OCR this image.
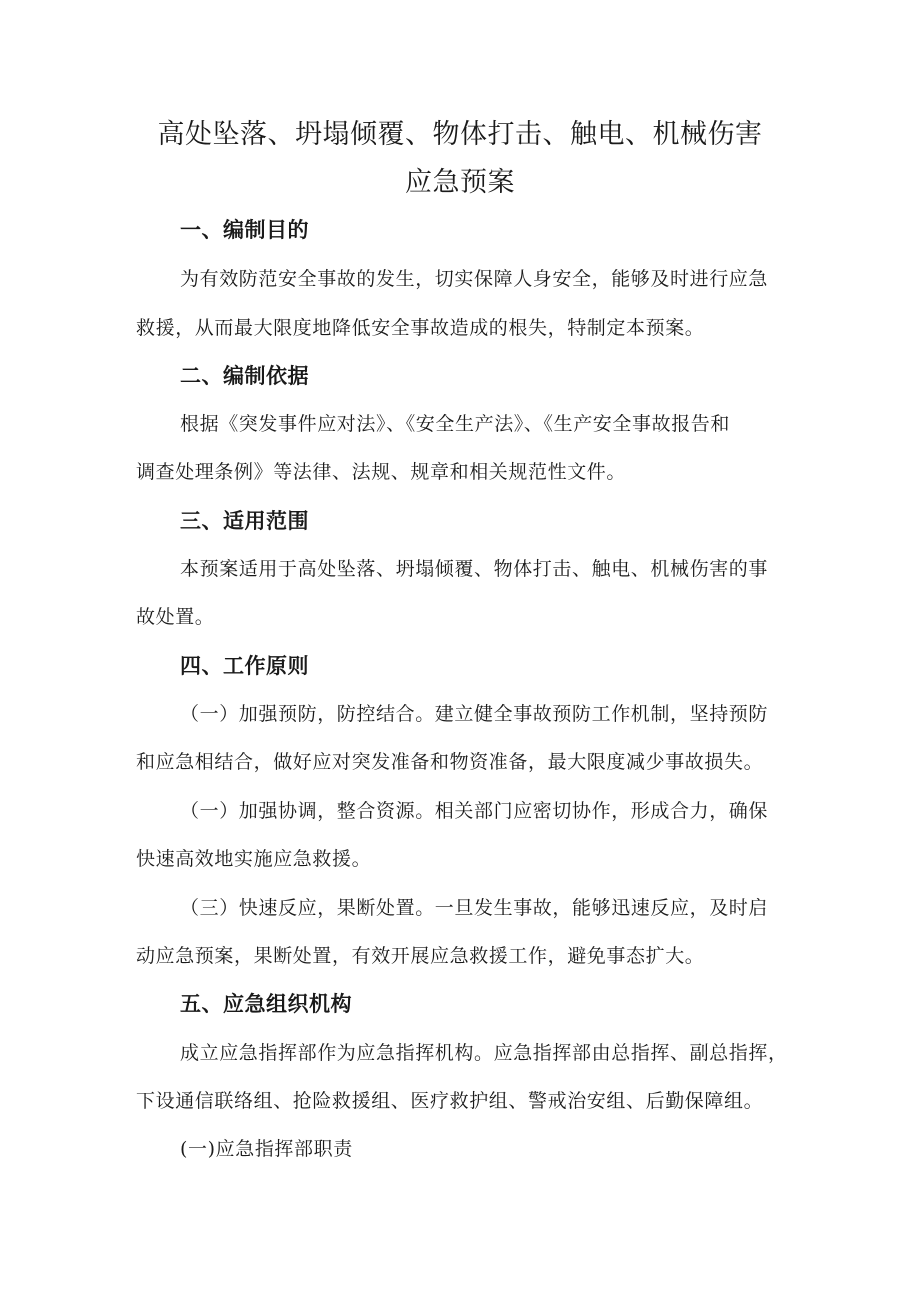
高处坠落、坍塌倾覆、物体打击、触电、机械伤害
应急预案
一、编制目的
为有效防范安全事故的发生，切实保障人身安全，能够及时进行应急
救援，从而最大限度地降低安全事故造成的根失，特制定本预案。
二、编制依据
根据《突发事件应对法》、《安全生产法》、《生产安全事故报告和
调查处理条例》等法律、法规、规章和相关规范性文件。
三、适用范围
本预案适用于高处坠落、坍塌倾覆、物体打击、触电、机械伤害的事
故处置。
四、工作原则
（一）加强预防，防控结合。建立健全事故预防工作机制，坚持预防
和应急相结合，做好应对突发准备和物资准备，最大限度减少事故损失。
（一）加强协调，整合资源。相关部门应密切协作，形成合力，确保
快速高效地实施应急救援。
（三）快速反应，果断处置。一旦发生事故，能够迅速反应，及时启
动应急预案，果断处置，有效开展应急救援工作，避免事态扩大。
五、应急组织机构
成立应急指挥部作为应急指挥机构。应急指挥部由总指挥、副总指挥，
下设通信联络组、抢险救援组、医疗救护组、警戒治安组、后勤保障组。
(一)应急指挥部职责
